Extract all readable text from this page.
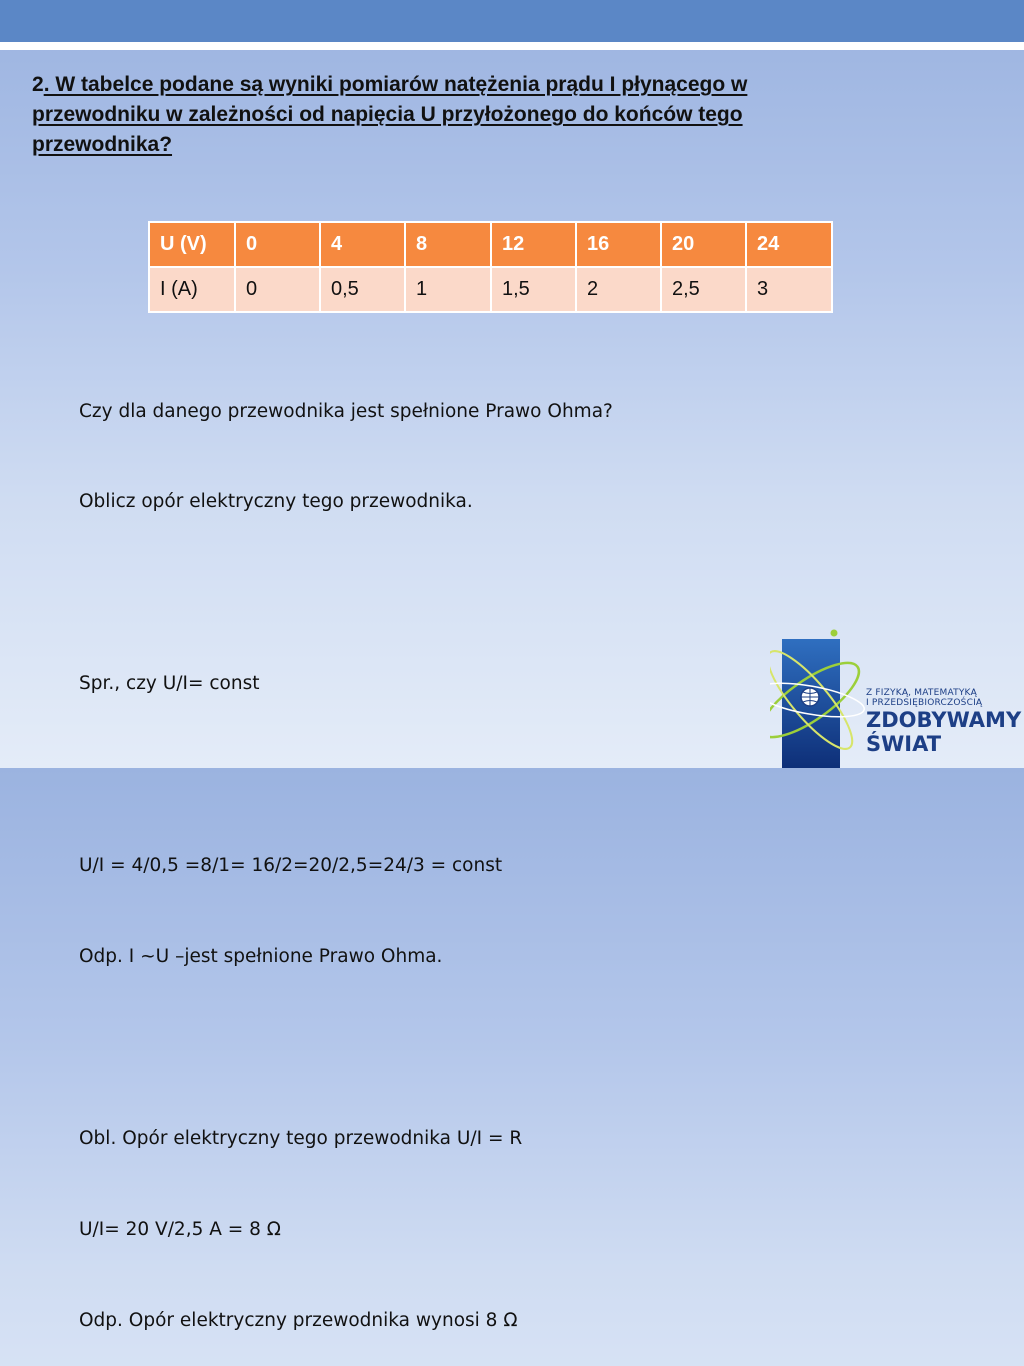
2. W tabelce podane są wyniki pomiarów natężenia prądu I płynącego w
przewodniku w zależności od napięcia U przyłożonego do końców tego
przewodnika?
U (V)	0	4	8	12	16	20	24
I (A)	0	0,5	1	1,5	2	2,5	3

Czy dla danego przewodnika jest spełnione Prawo Ohma?

Oblicz opór elektryczny tego przewodnika.

Spr., czy U/I= const

U/I = 4/0,5 =8/1= 16/2=20/2,5=24/3 = const

Odp. I ~U –jest spełnione Prawo Ohma.

Obl. Opór elektryczny tego przewodnika U/I = R

U/I= 20 V/2,5 A = 8 Ω

Odp. Opór elektryczny przewodnika wynosi 8 Ω

Z FIZYKĄ, MATEMATYKĄ
I PRZEDSIĘBIORCZOŚCIĄ
ZDOBYWAMY
ŚWIAT
